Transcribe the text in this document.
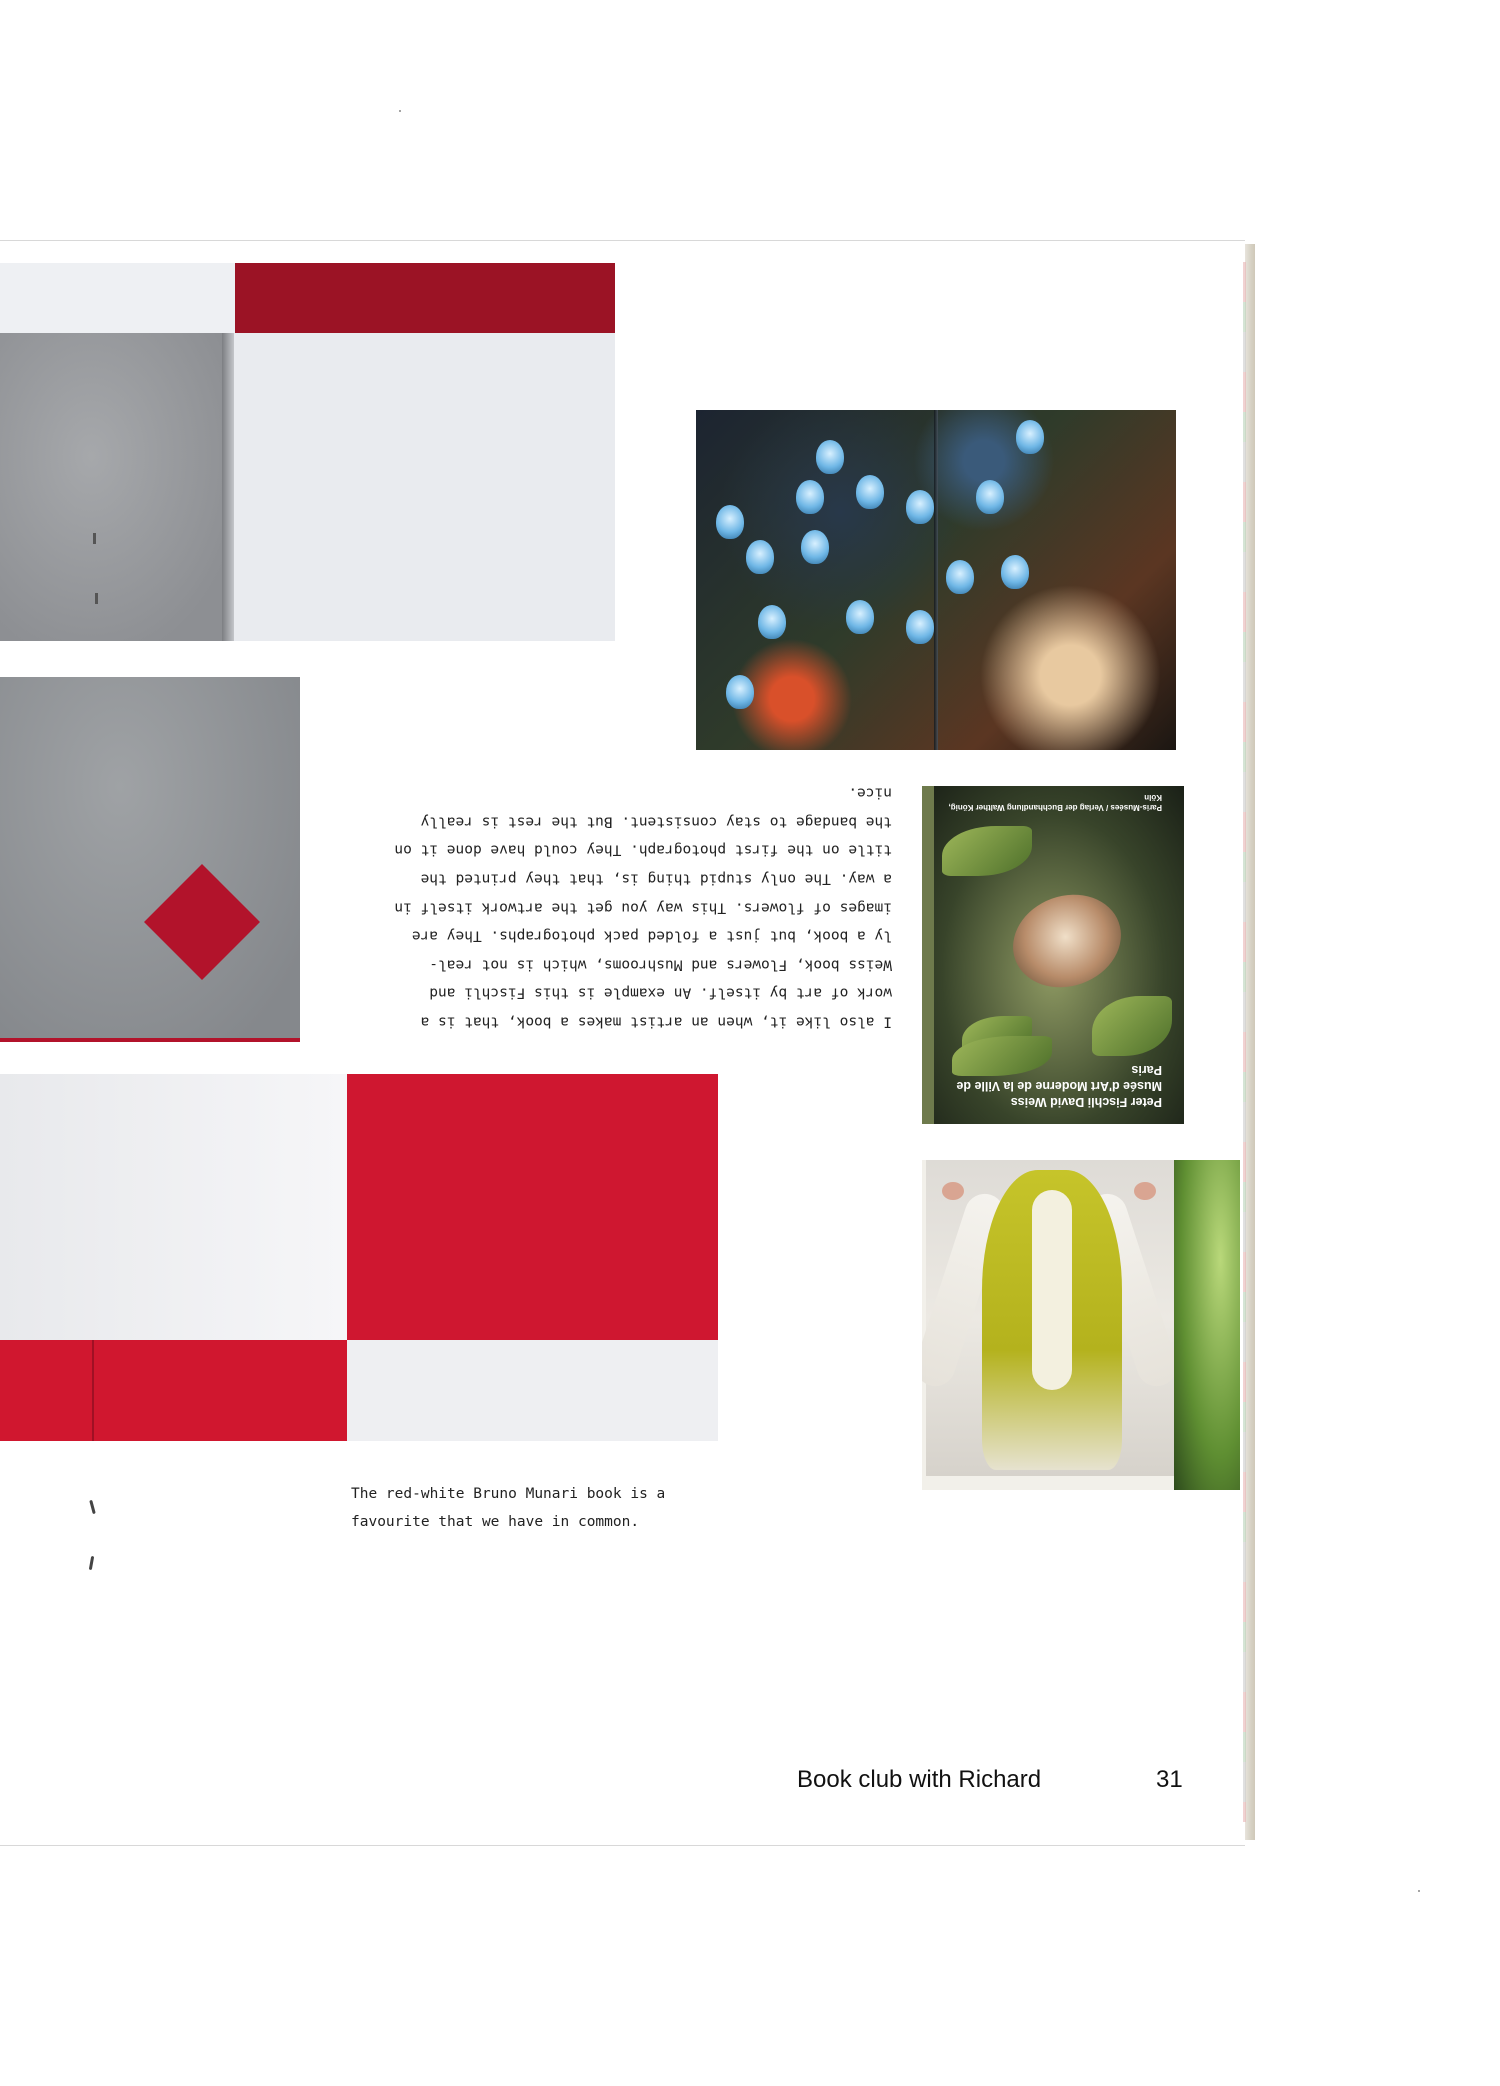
Peter Fischli David Weiss
Musée d'Art Moderne de la Ville de Paris
Paris-Musées / Verlag der Buchhandlung Walther König, Köln
I also like it, when an artist makes a book, that is a
work of art by itself. An example is this Fischli and
Weiss book, Flowers and Mushrooms, which is not real-
ly a book, but just a folded pack photographs. They are
images of flowers. This way you get the artwork itself in
a way. The only stupid thing is, that they printed the
title on the first photograph. They could have done it on
the bandage to stay consistent. But the rest is really
nice.
The red-white Bruno Munari book is a
favourite that we have in common.
Book club with Richard	31
